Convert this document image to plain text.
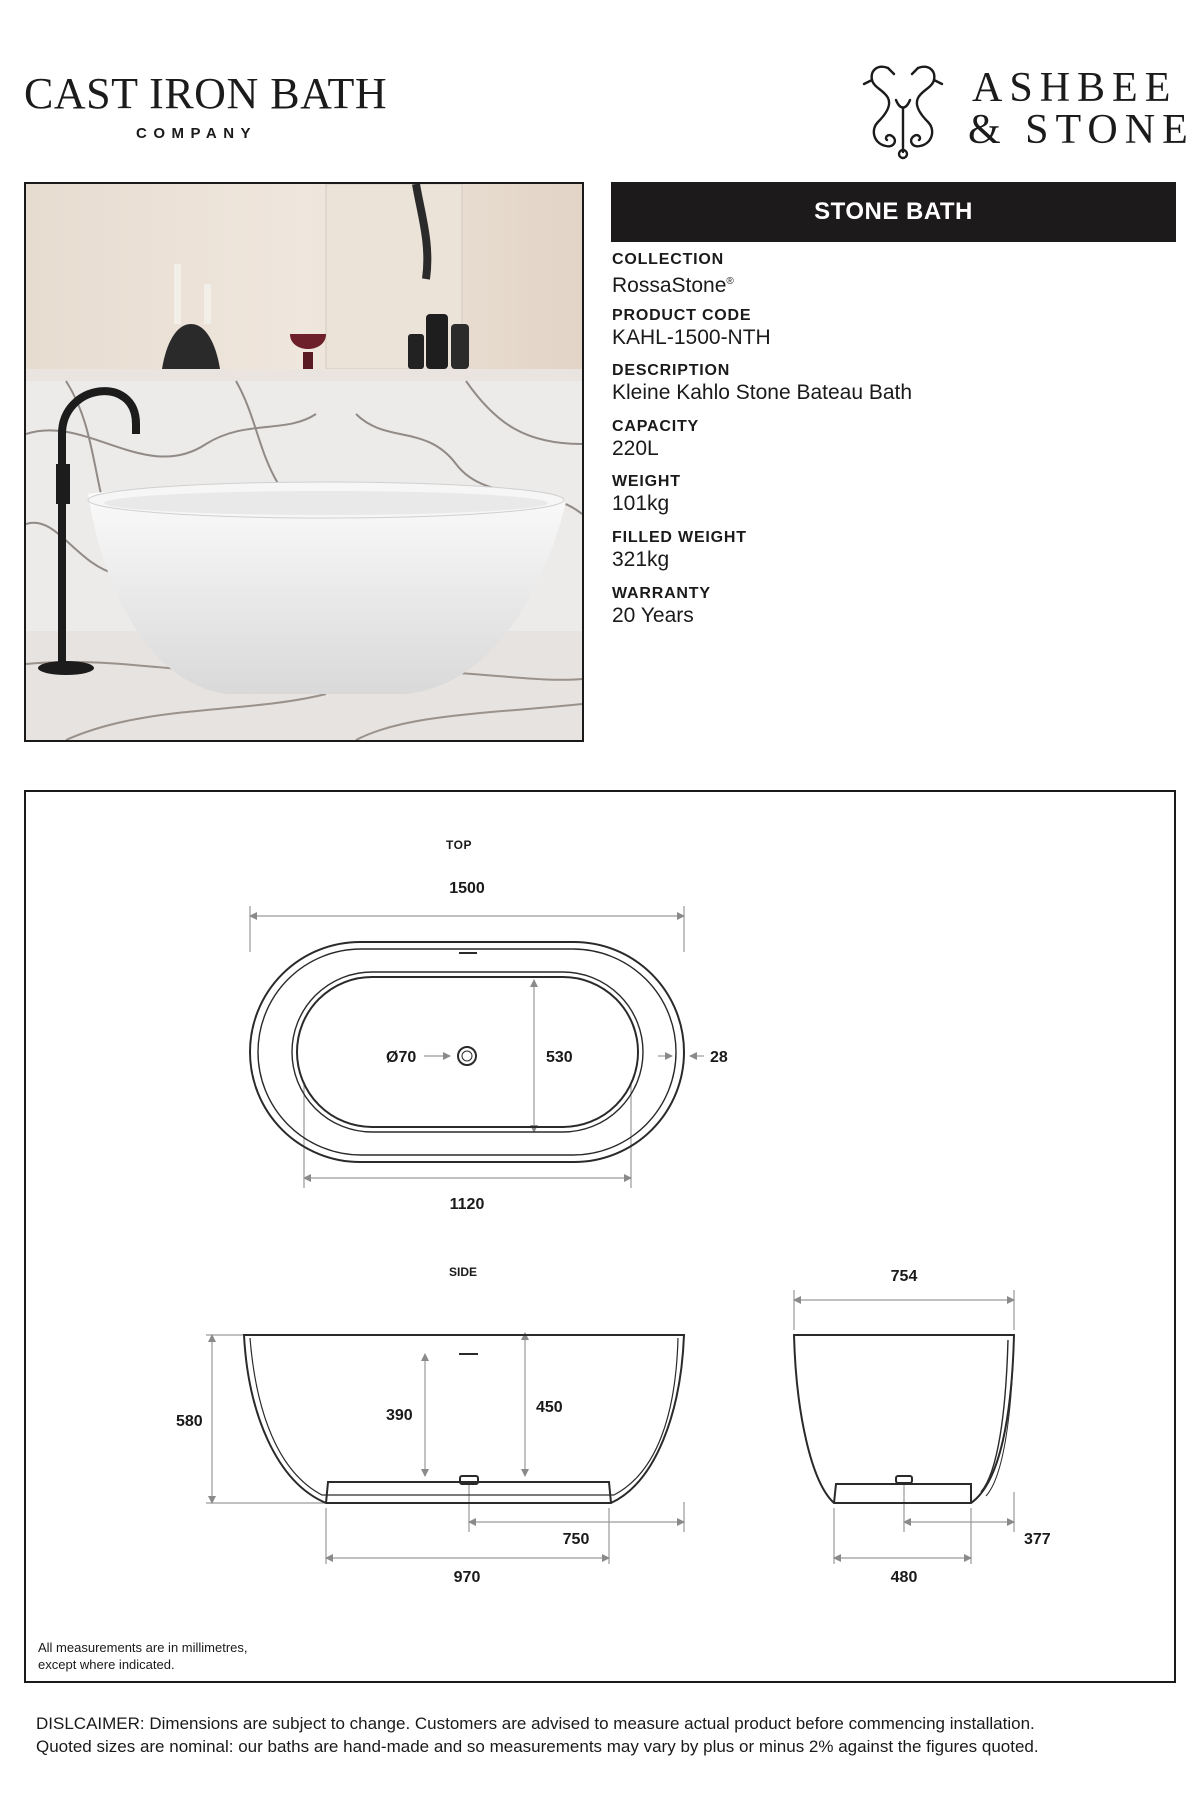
CAST IRON BATH
COMPANY
ASHBEE
& STONE
STONE BATH
COLLECTION
RossaStone®
PRODUCT CODE
KAHL-1500-NTH
DESCRIPTION
Kleine Kahlo Stone Bateau Bath
CAPACITY
220L
WEIGHT
101kg
FILLED WEIGHT
321kg
WARRANTY
20 Years
TOP
1500
1120
530	28
Ø70
SIDE
580	390	450
750
970
754
377
480
All measurements are in millimetres,
except where indicated.
DISLCAIMER: Dimensions are subject to change. Customers are advised to measure actual product before commencing installation.
Quoted sizes are nominal: our baths are hand-made and so measurements may vary by plus or minus 2% against the figures quoted.
